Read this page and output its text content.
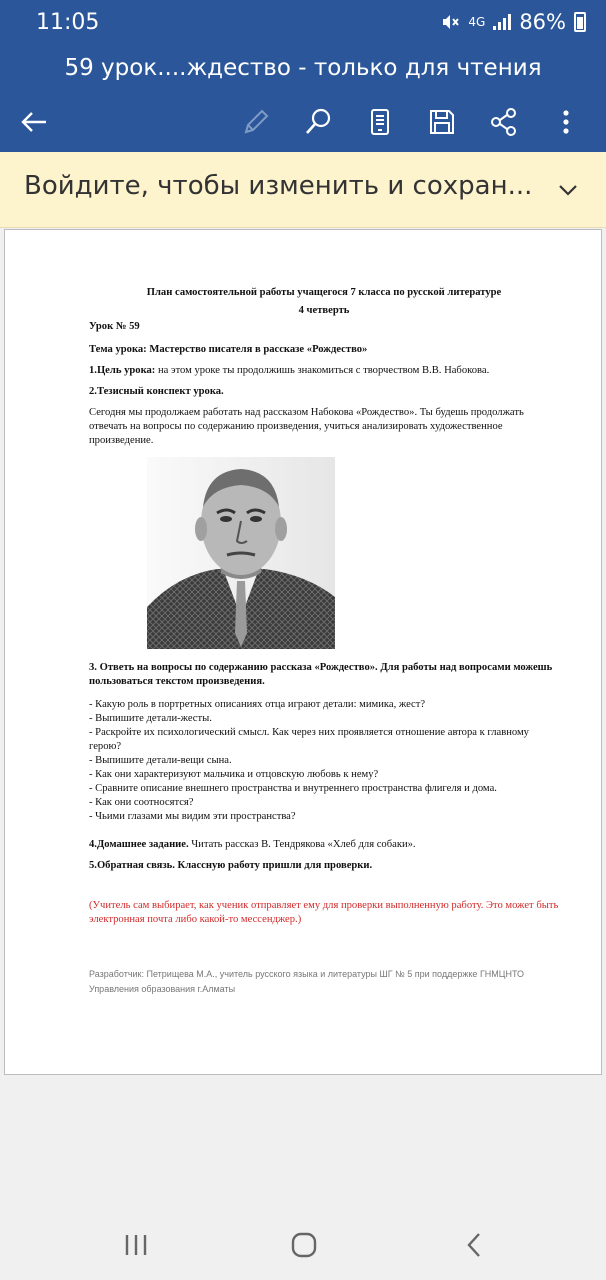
11:05	4G 86%
59 урок....ждество - только для чтения
Войдите, чтобы изменить и сохран...
План самостоятельной работы учащегося 7 класса по русской литературе
4 четверть

Урок № 59

Тема урока: Мастерство писателя в рассказе «Рождество»

1.Цель урока: на этом уроке ты продолжишь знакомиться с творчеством В.В. Набокова.

2.Тезисный конспект урока.

Сегодня мы продолжаем работать над рассказом Набокова «Рождество». Ты будешь продолжать отвечать на вопросы по содержанию произведения, учиться анализировать художественное произведение.

3. Ответь на вопросы по содержанию рассказа «Рождество». Для работы над вопросами можешь пользоваться текстом произведения.

- Какую роль в портретных описаниях отца играют детали: мимика, жест?
- Выпишите детали-жесты.
- Раскройте их психологический смысл. Как через них проявляется отношение автора к главному герою?
- Выпишите детали-вещи сына.
- Как они характеризуют мальчика и отцовскую любовь к нему?
- Сравните описание внешнего пространства и внутреннего пространства флигеля и дома.
- Как они соотносятся?
- Чьими глазами мы видим эти пространства?

4.Домашнее задание. Читать рассказ В. Тендрякова «Хлеб для собаки».

5.Обратная связь. Классную работу пришли для проверки.

(Учитель сам выбирает, как ученик отправляет ему для проверки выполненную работу. Это может быть электронная почта либо какой-то мессенджер.)

Разработчик: Петрищева М.А., учитель русского языка и литературы ШГ № 5 при поддержке ГНМЦНТО Управления образования г.Алматы
